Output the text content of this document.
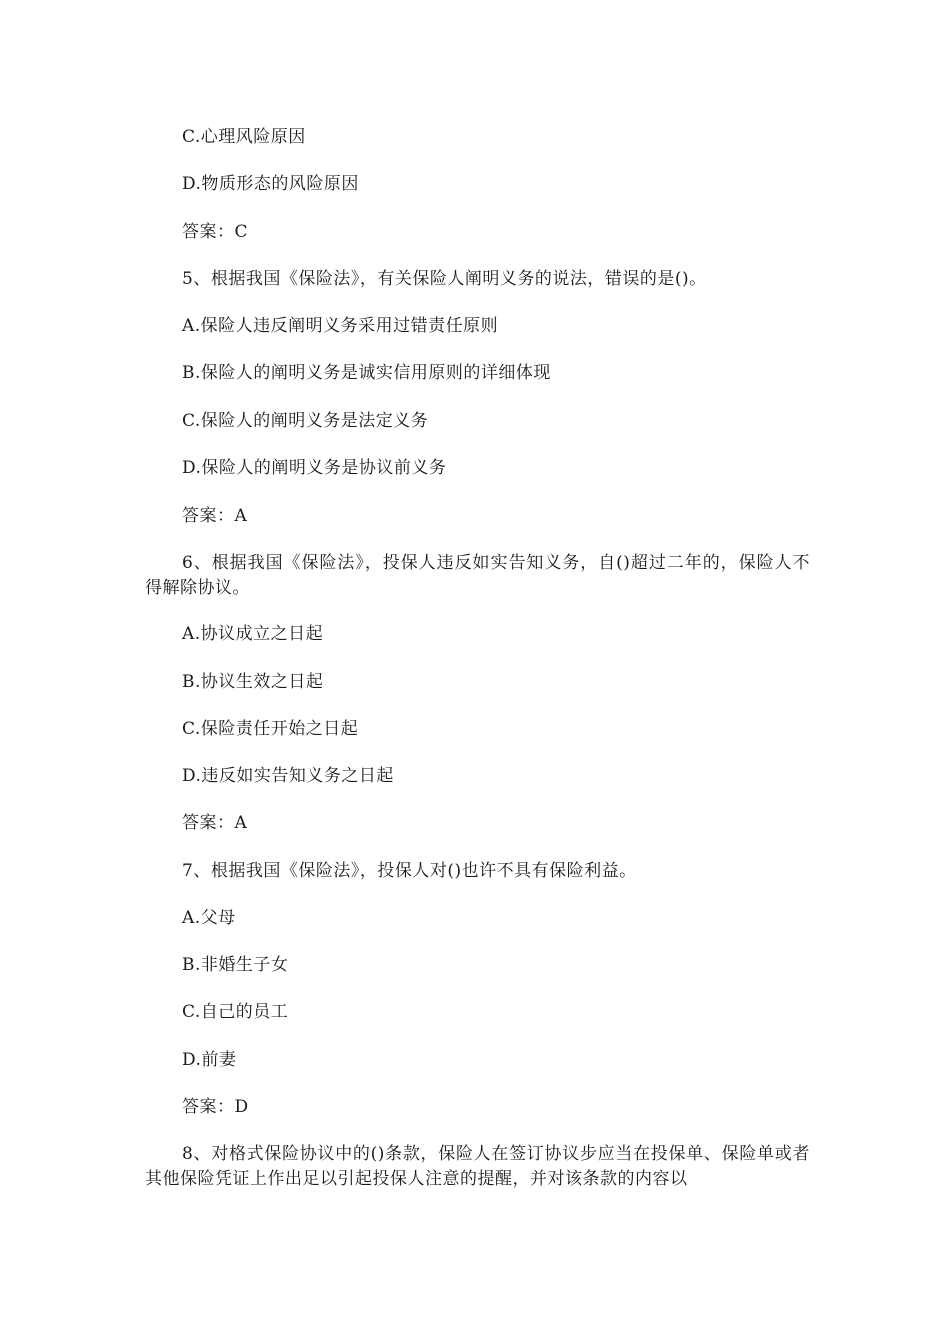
C.心理风险原因
D.物质形态的风险原因
答案：C
5、根据我国《保险法》，有关保险人阐明义务的说法，错误的是()。
A.保险人违反阐明义务采用过错责任原则
B.保险人的阐明义务是诚实信用原则的详细体现
C.保险人的阐明义务是法定义务
D.保险人的阐明义务是协议前义务
答案：A
6、根据我国《保险法》，投保人违反如实告知义务，自()超过二年的，保险人不得解除协议。
A.协议成立之日起
B.协议生效之日起
C.保险责任开始之日起
D.违反如实告知义务之日起
答案：A
7、根据我国《保险法》，投保人对()也许不具有保险利益。
A.父母
B.非婚生子女
C.自己的员工
D.前妻
答案：D
8、对格式保险协议中的()条款，保险人在签订协议步应当在投保单、保险单或者其他保险凭证上作出足以引起投保人注意的提醒，并对该条款的内容以
